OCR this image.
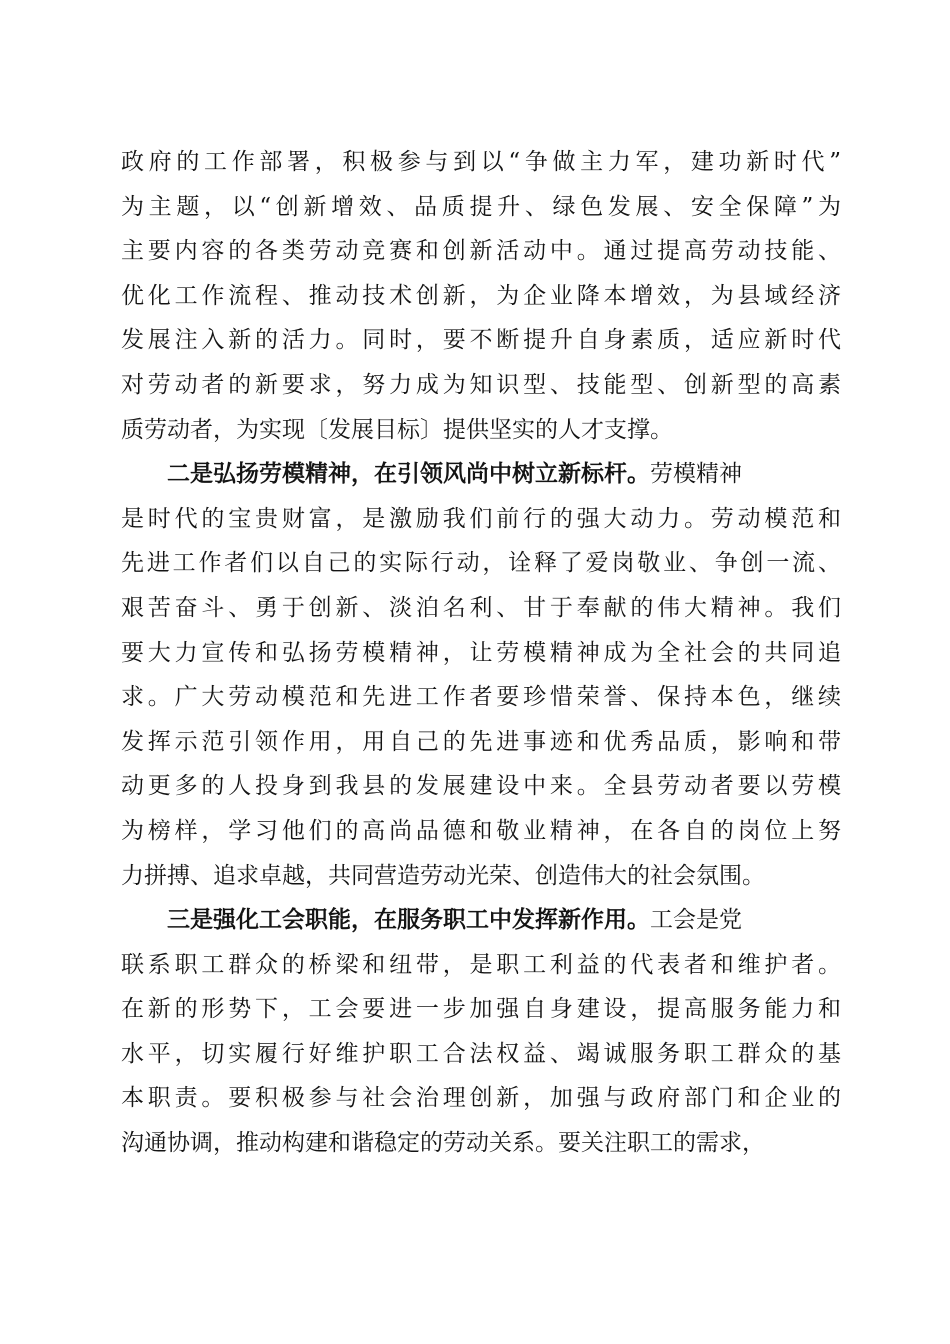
政府的工作部署，积极参与到以“争做主力军，建功新时代”
为主题，以“创新增效、品质提升、绿色发展、安全保障”为
主要内容的各类劳动竞赛和创新活动中。通过提高劳动技能、
优化工作流程、推动技术创新，为企业降本增效，为县域经济
发展注入新的活力。同时，要不断提升自身素质，适应新时代
对劳动者的新要求，努力成为知识型、技能型、创新型的高素
质劳动者，为实现〔发展目标〕提供坚实的人才支撑。
二是弘扬劳模精神，在引领风尚中树立新标杆。劳模精神
是时代的宝贵财富，是激励我们前行的强大动力。劳动模范和
先进工作者们以自己的实际行动，诠释了爱岗敬业、争创一流、
艰苦奋斗、勇于创新、淡泊名利、甘于奉献的伟大精神。我们
要大力宣传和弘扬劳模精神，让劳模精神成为全社会的共同追
求。广大劳动模范和先进工作者要珍惜荣誉、保持本色，继续
发挥示范引领作用，用自己的先进事迹和优秀品质，影响和带
动更多的人投身到我县的发展建设中来。全县劳动者要以劳模
为榜样，学习他们的高尚品德和敬业精神，在各自的岗位上努
力拼搏、追求卓越，共同营造劳动光荣、创造伟大的社会氛围。
三是强化工会职能，在服务职工中发挥新作用。工会是党
联系职工群众的桥梁和纽带，是职工利益的代表者和维护者。
在新的形势下，工会要进一步加强自身建设，提高服务能力和
水平，切实履行好维护职工合法权益、竭诚服务职工群众的基
本职责。要积极参与社会治理创新，加强与政府部门和企业的
沟通协调，推动构建和谐稳定的劳动关系。要关注职工的需求，
